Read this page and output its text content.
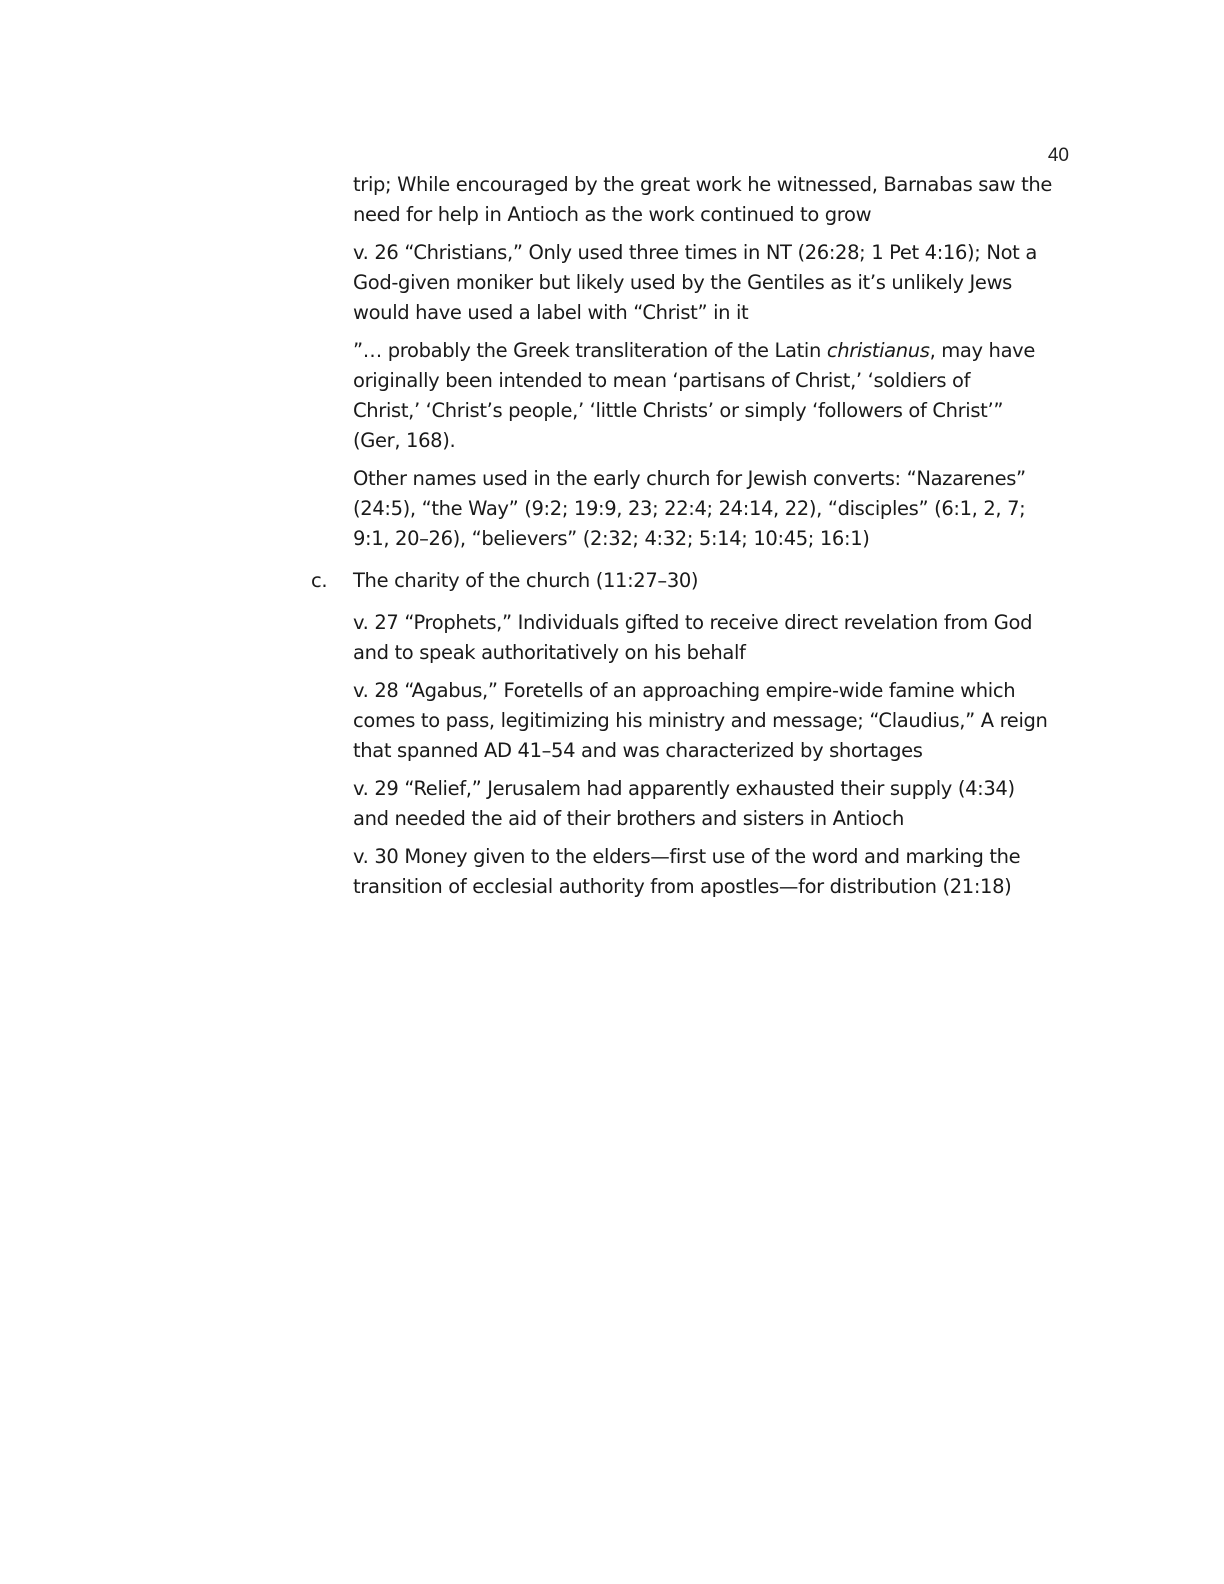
40
trip; While encouraged by the great work he witnessed, Barnabas saw the
need for help in Antioch as the work continued to grow
v. 26 “Christians,” Only used three times in NT (26:28; 1 Pet 4:16); Not a
God-given moniker but likely used by the Gentiles as it’s unlikely Jews
would have used a label with “Christ” in it
”… probably the Greek transliteration of the Latin christianus, may have
originally been intended to mean ‘partisans of Christ,’ ‘soldiers of
Christ,’ ‘Christ’s people,’ ‘little Christs’ or simply ‘followers of Christ’”
(Ger, 168).
Other names used in the early church for Jewish converts: “Nazarenes”
(24:5), “the Way” (9:2; 19:9, 23; 22:4; 24:14, 22), “disciples” (6:1, 2, 7;
9:1, 20–26), “believers” (2:32; 4:32; 5:14; 10:45; 16:1)
c. The charity of the church (11:27–30)
v. 27 “Prophets,” Individuals gifted to receive direct revelation from God
and to speak authoritatively on his behalf
v. 28 “Agabus,” Foretells of an approaching empire-wide famine which
comes to pass, legitimizing his ministry and message; “Claudius,” A reign
that spanned AD 41–54 and was characterized by shortages
v. 29 “Relief,” Jerusalem had apparently exhausted their supply (4:34)
and needed the aid of their brothers and sisters in Antioch
v. 30 Money given to the elders—first use of the word and marking the
transition of ecclesial authority from apostles—for distribution (21:18)
